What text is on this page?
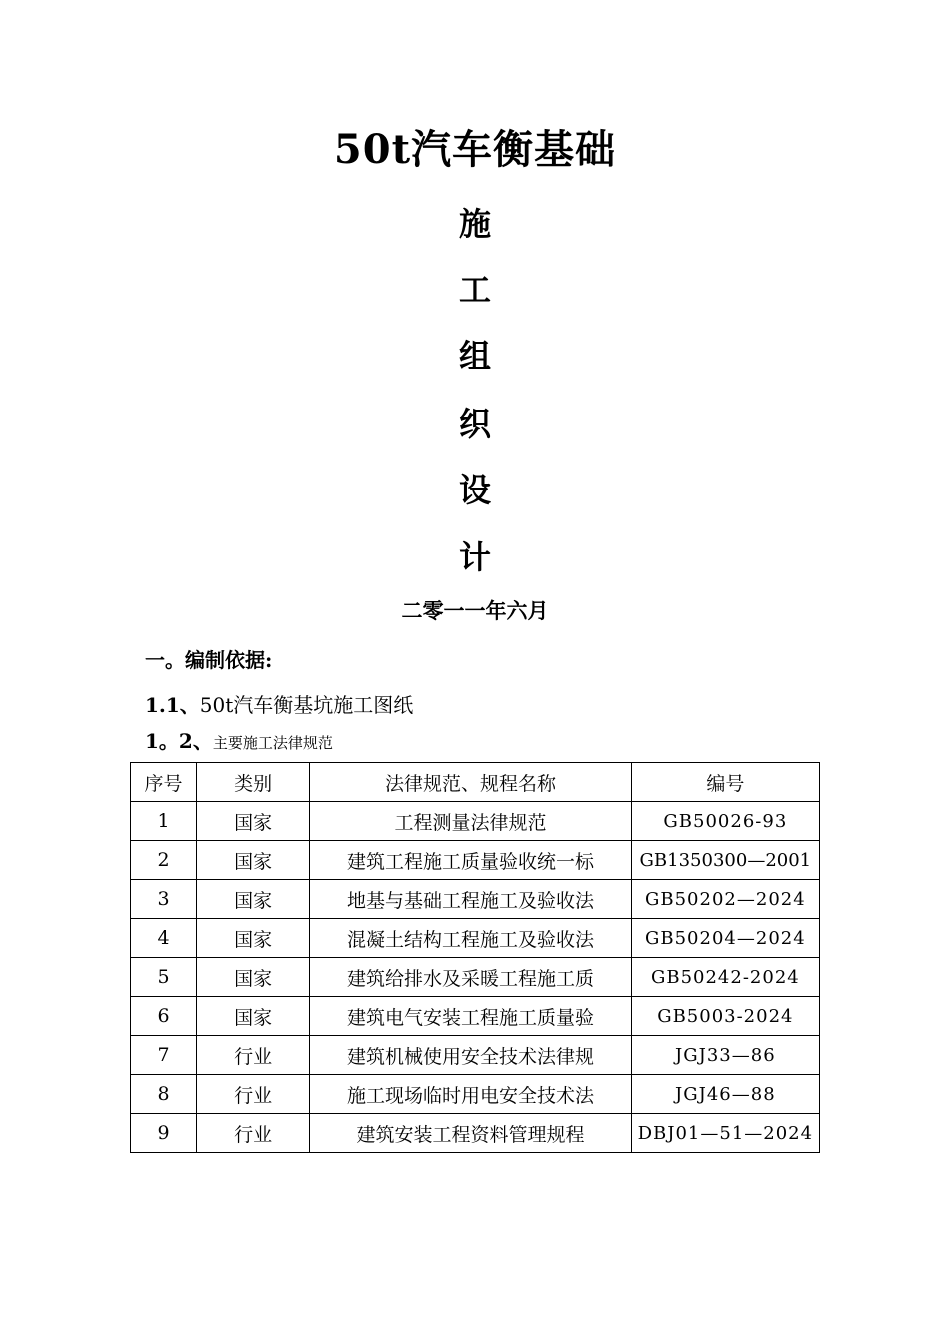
50t汽车衡基础
施
工
组
织
设
计
二零一一年六月
一。编制依据:
1.1、50t汽车衡基坑施工图纸
1。2、主要施工法律规范
序号	类别	法律规范、规程名称	编号
1	国家	工程测量法律规范	GB50026-93
2	国家	建筑工程施工质量验收统一标	GB1350300—2001
3	国家	地基与基础工程施工及验收法	GB50202—2024
4	国家	混凝土结构工程施工及验收法	GB50204—2024
5	国家	建筑给排水及采暖工程施工质	GB50242-2024
6	国家	建筑电气安装工程施工质量验	GB5003-2024
7	行业	建筑机械使用安全技术法律规	JGJ33—86
8	行业	施工现场临时用电安全技术法	JGJ46—88
9	行业	建筑安装工程资料管理规程	DBJ01—51—2024
